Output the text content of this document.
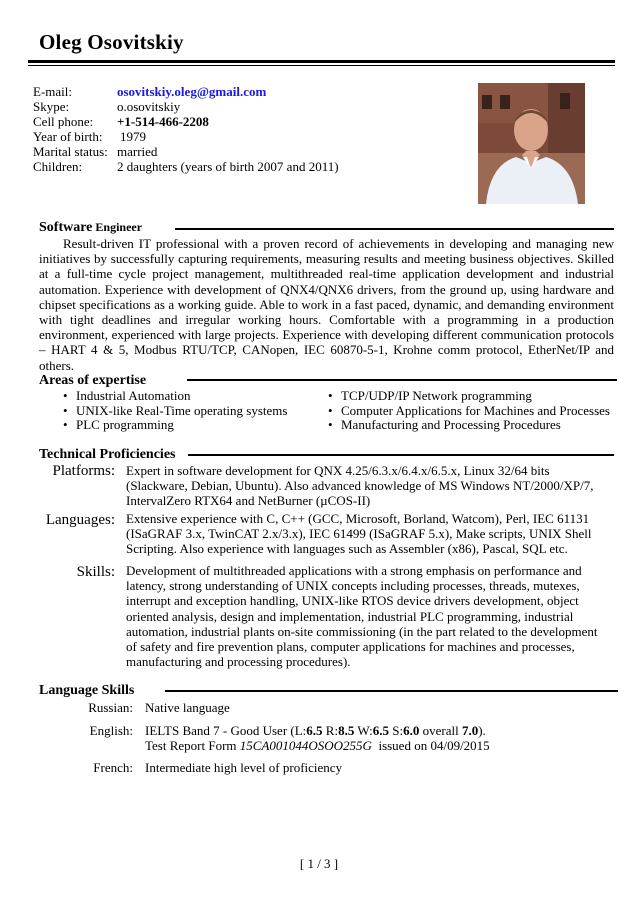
Oleg Osovitskiy
E-mail:	osovitskiy.oleg@gmail.com
Skype:	o.osovitskiy
Cell phone:	+1-514-466-2208
Year of birth:	1979
Marital status: married
Children:	2 daughters (years of birth 2007 and 2011)
Software Engineer
Result-driven IT professional with a proven record of achievements in developing and managing new initiatives by successfully capturing requirements, measuring results and meeting business objectives. Skilled at a full-time cycle project management, multithreaded real-time application development and industrial automation. Experience with development of QNX4/QNX6 drivers, from the ground up, using hardware and chipset specifications as a working guide. Able to work in a fast paced, dynamic, and demanding environment with tight deadlines and irregular working hours. Comfortable with a programming in a production environment, experienced with large projects. Experience with developing different communication protocols – HART 4 & 5, Modbus RTU/TCP, CANopen, IEC 60870-5-1, Krohne comm protocol, EtherNet/IP and others.
Areas of expertise
• Industrial Automation
• UNIX-like Real-Time operating systems
• PLC programming
• TCP/UDP/IP Network programming
• Computer Applications for Machines and Processes
• Manufacturing and Processing Procedures
Technical Proficiencies
Platforms: Expert in software development for QNX 4.25/6.3.x/6.4.x/6.5.x, Linux 32/64 bits (Slackware, Debian, Ubuntu). Also advanced knowledge of MS Windows NT/2000/XP/7, IntervalZero RTX64 and NetBurner (µCOS-II)
Languages: Extensive experience with C, C++ (GCC, Microsoft, Borland, Watcom), Perl, IEC 61131 (ISaGRAF 3.x, TwinCAT 2.x/3.x), IEC 61499 (ISaGRAF 5.x), Make scripts, UNIX Shell Scripting. Also experience with languages such as Assembler (x86), Pascal, SQL etc.
Skills: Development of multithreaded applications with a strong emphasis on performance and latency, strong understanding of UNIX concepts including processes, threads, mutexes, interrupt and exception handling, UNIX-like RTOS device drivers development, object oriented analysis, design and implementation, industrial PLC programming, industrial automation, industrial plants on-site commissioning (in the part related to the development of safety and fire prevention plans, computer applications for machines and processes, manufacturing and processing procedures).
Language Skills
Russian: Native language
English: IELTS Band 7 - Good User (L:6.5 R:8.5 W:6.5 S:6.0 overall 7.0).
Test Report Form 15CA001044OSOO255G  issued on 04/09/2015
French: Intermediate high level of proficiency
[ 1 / 3 ]
